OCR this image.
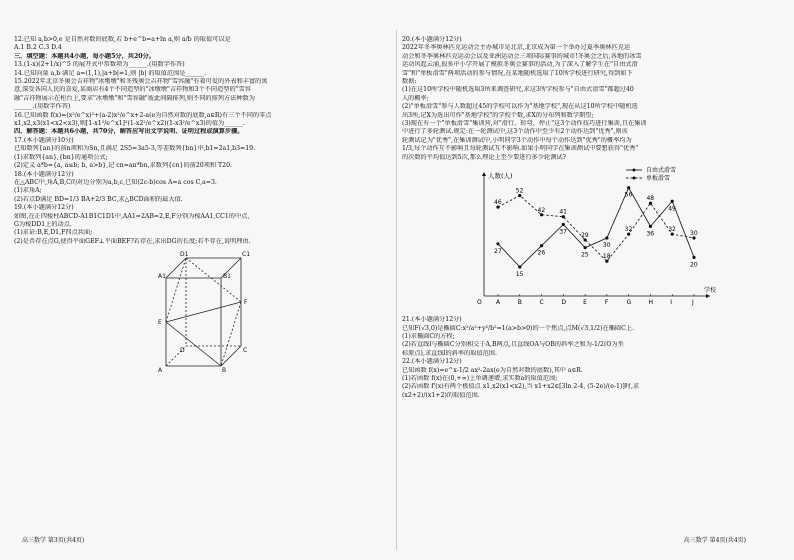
12.已知 a,b>0,e 是自然对数的底数,若 b+e^b=a+ln a,则 a/b 的取值可以是
A.1 B.2 C.3 D.4
三、填空题：本题共4小题，每小题5分，共20分。
13.(1-x)(2+1/x)^5 的展开式中常数项为______.(用数字作答)
14.已知向量 a,b 满足 a=(1,1),|a+b|=1,则 |b| 的取值范围是______.
15.2022年北京冬奥会吉祥物"冰墩墩"和冬残奥会吉祥物"雪容融"有着可爱的外表和丰富的寓
意,深受各国人民的喜爱,某商店有4个不同造型的"冰墩墩"吉祥物和3个不同造型的"雪容
融"吉祥物展示在柜台上,要求"冰墩墩"和"雪容融"彼此间隔排列,则不同的排列方法种数为
______.(用数字作答)
16.已知函数 f(x)=(x²/e^x)²+(a-2)x²/e^x+2-a(e为自然对数的底数,a∈R)有三个不同的零点
x1,x2,x3(x1<x2<x3),则[1-x1²/e^x1]²(1-x2²/e^x2)(1-x3²/e^x3)的值为______.
四、解答题：本题共6小题，共70分，解答应写出文字说明、证明过程或演算步骤。
17.(本小题满分10分)
已知数列{an}的前n项和为Sn,且满足 2S5=3a5-3,等差数列{bn}中,b1=2a1,b3=19.
(1)求数列{an},{bn}的通项公式;
(2)定义 a*b={a, a≤b; b, a>b},记 cn=an*bn,求数列{cn}的前20项和 T20.
18.(本小题满分12分)
在△ABC中,角A,B,C的对边分别为a,b,c,已知(2c-b)cos A=a cos C,a=3.
(1)求角A;
(2)若点D满足 BD=1/3 BA+2/3 BC,求△BCD面积的最大值.
19.(本小题满分12分)
如图,在正四棱柱ABCD-A1B1C1D1中,AA1=2AB=2,E,F分别为棱AA1,CC1的中点,
G为棱DD1上的动点.
(1)求证:B,E,D1,F四点共面;
(2)是否存在点G,使得平面GEF⊥平面BEF?若存在,求出DG的长度;若不存在,说明理由.
D1	C1
A1	B1
E
F
D	C
A	B
高三数学 第3页(共4页)
20.(本小题满分12分)
2022年冬季奥林匹克运动会主办城市是北京,北京成为第一个举办过夏季奥林匹克运
动会和冬季奥林匹克运动会以及亚洲运动会三项国际赛事的城市!冬奥会之后,各地的冰雪
运动风起云涌,很多中小学开展了模拟冬奥会赛事的活动,为了深入了解学生在"自由式滑
雪"和"单板滑雪"两项活动的参与情况,在某地随机选取了10所学校进行研究,得到如下
数据:
(1)在这10所学校中随机选取3所来调查研究,求这3所学校参与"自由式滑雪"都超过40
人的概率;
(2)"单板滑雪"参与人数超过45的学校可以作为"基地学校",现在从这10所学校中随机选
出3所,记X为选出可作"基地学校"的学校个数,求X的分布列和数学期望;
(3)现在有一个"单板滑雪"集训营,对"滑行、转弯、停止"这3个动作技巧进行集训,且在集训
中进行了多轮测试.规定:在一轮测试中,这3个动作中至少有2个动作达到"优秀",则该
轮测试记为"优秀",在集训测试中,小明同学3个动作中每个动作达到"优秀"的概率均为
1/3,每个动作互不影响且每轮测试互不影响.如果小明同学在集训测试中要想获得"优秀"
的次数的平均值达到5次,那么理论上至少要进行多少轮测试?
人数(人)
学校
O A	B	C	D	E	F	G	H	I	J
27
15
26
37
25
30
56
36
49
20
46
52
42 41
29
18
32
48
32
30
自由式滑雪
单板滑雪
21.(本小题满分12分)
已知F(√3,0)是椭圆C:x²/a²+y²/b²=1(a>b>0)的一个焦点,点M(√3,1/2)在椭圆C上.
(1)求椭圆C的方程;
(2)若直线l与椭圆C分别相交于A,B两点,且直线OA与OB的斜率之和为-1/2(O为坐
标原点),求直线l的斜率的取值范围.
22.(本小题满分12分)
已知函数 f(x)=e^x-1/2 ax²-2ax(e为自然对数的底数),其中 a∈R.
(1)若函数 f(x)在(0,+∞)上单调递增,求实数a的取值范围;
(2)若函数 f'(x)有两个极值点 x1,x2(x1<x2),当 x1+x2∈[3ln 2-4, (5-2e)/(e-1)]时,求
(x2+2)/(x1+2)的取值范围.
高三数学 第4页(共4页)
